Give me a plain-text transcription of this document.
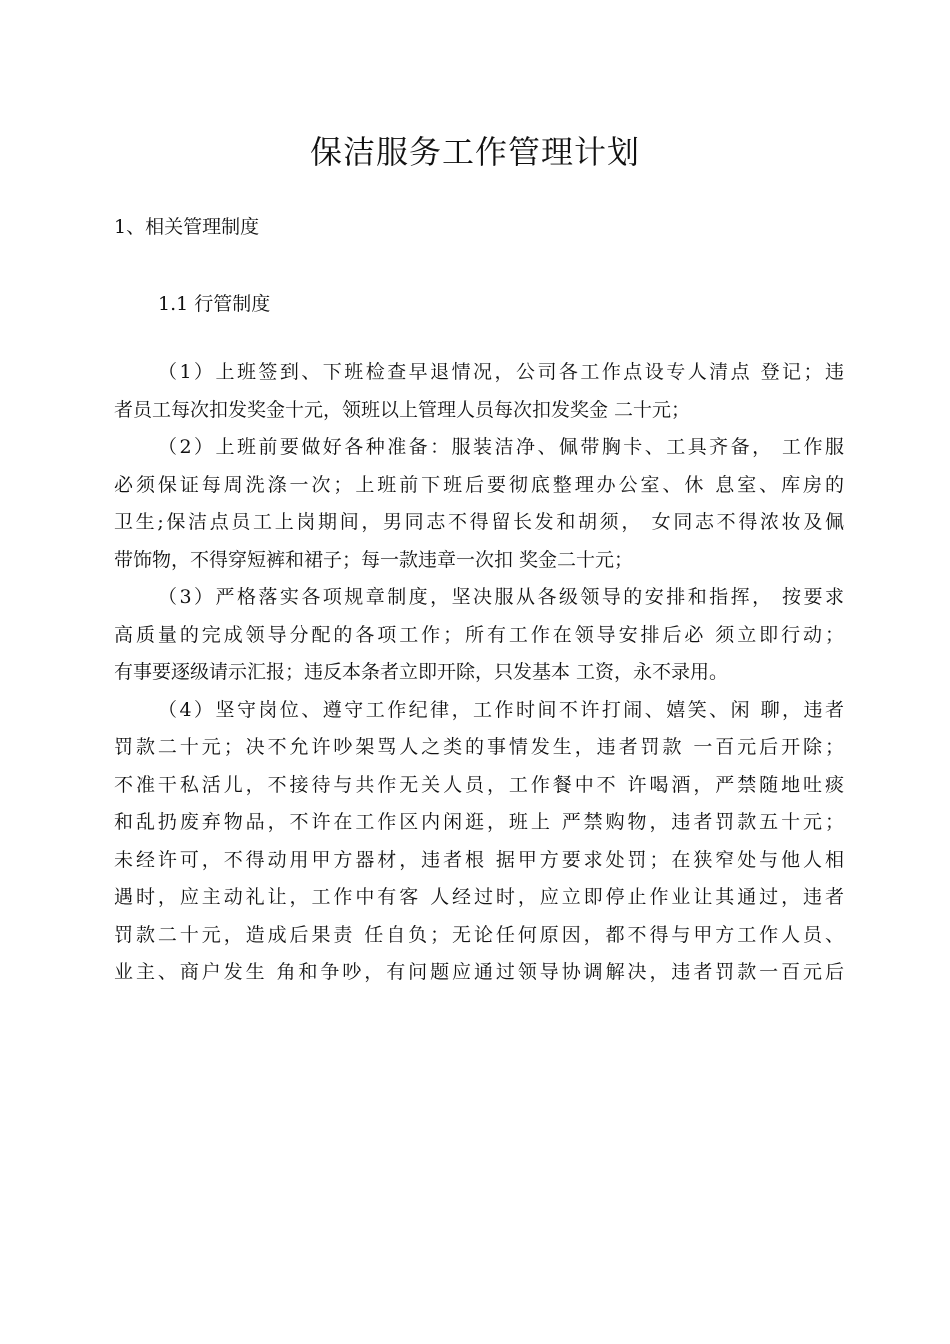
保洁服务工作管理计划
1、相关管理制度
1.1 行管制度

（1）上班签到、下班检查早退情况，公司各工作点设专人清点 登记；违
者员工每次扣发奖金十元，领班以上管理人员每次扣发奖金 二十元；

（2）上班前要做好各种准备：服装洁净、佩带胸卡、工具齐备， 工作服
必须保证每周洗涤一次；上班前下班后要彻底整理办公室、休 息室、库房的
卫生;保洁点员工上岗期间，男同志不得留长发和胡须， 女同志不得浓妆及佩
带饰物，不得穿短裤和裙子；每一款违章一次扣 奖金二十元；

（3）严格落实各项规章制度，坚决服从各级领导的安排和指挥， 按要求
高质量的完成领导分配的各项工作；所有工作在领导安排后必 须立即行动；
有事要逐级请示汇报；违反本条者立即开除，只发基本 工资，永不录用。

（4）坚守岗位、遵守工作纪律，工作时间不许打闹、嬉笑、闲 聊，违者
罚款二十元；决不允许吵架骂人之类的事情发生，违者罚款 一百元后开除；
不准干私活儿，不接待与共作无关人员，工作餐中不 许喝酒，严禁随地吐痰
和乱扔废弃物品，不许在工作区内闲逛，班上 严禁购物，违者罚款五十元；
未经许可，不得动用甲方器材，违者根 据甲方要求处罚；在狭窄处与他人相
遇时，应主动礼让，工作中有客 人经过时，应立即停止作业让其通过，违者
罚款二十元，造成后果责 任自负；无论任何原因，都不得与甲方工作人员、
业主、商户发生 角和争吵，有问题应通过领导协调解决，违者罚款一百元后
